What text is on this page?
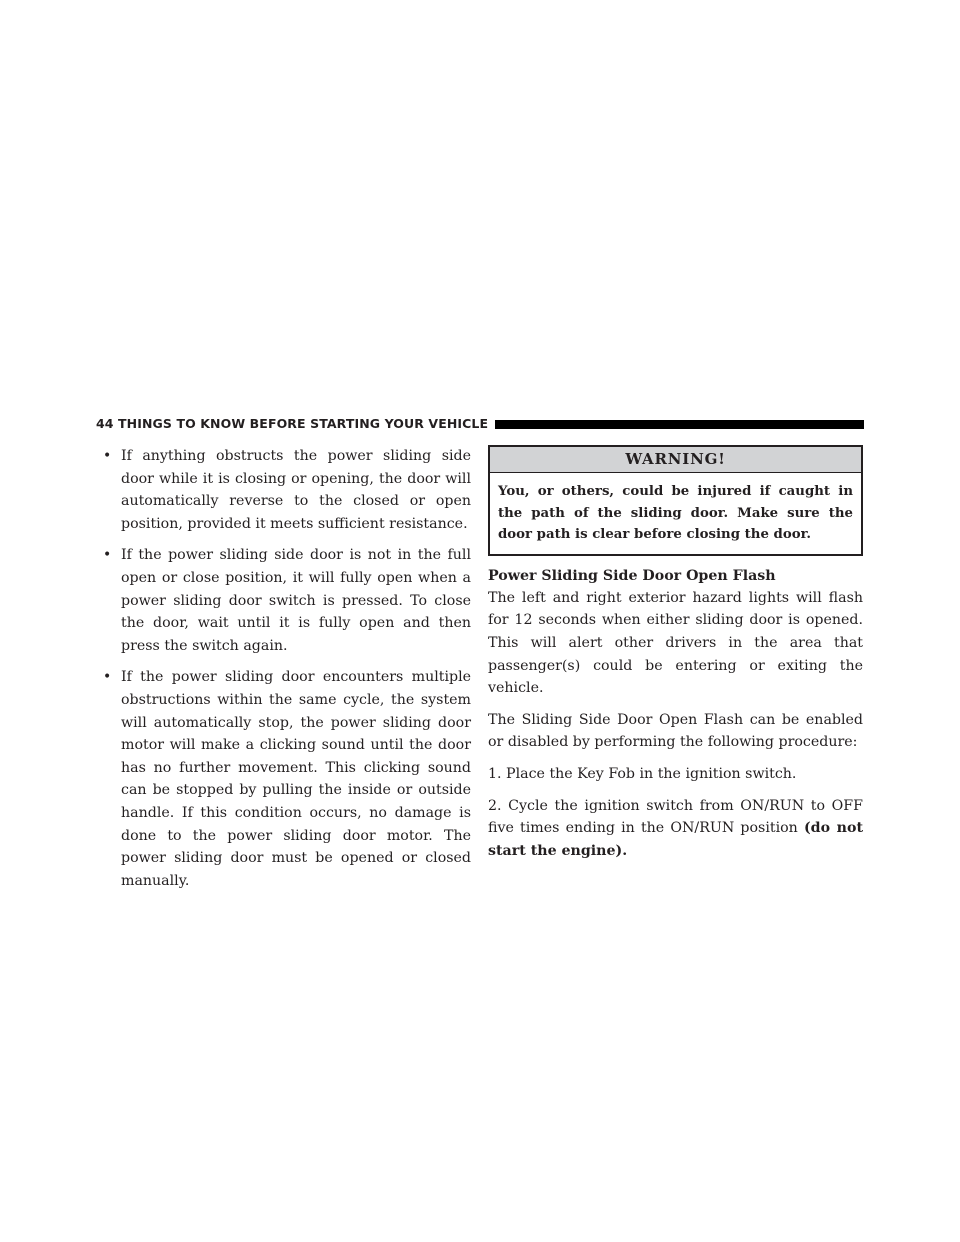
44 THINGS TO KNOW BEFORE STARTING YOUR VEHICLE
• If anything obstructs the power sliding side door while it is closing or opening, the door will automatically reverse to the closed or open position, provided it meets sufficient resistance.
• If the power sliding side door is not in the full open or close position, it will fully open when a power sliding door switch is pressed. To close the door, wait until it is fully open and then press the switch again.
• If the power sliding door encounters multiple obstructions within the same cycle, the system will automatically stop, the power sliding door motor will make a clicking sound until the door has no further movement. This clicking sound can be stopped by pulling the inside or outside handle. If this condition occurs, no damage is done to the power sliding door motor. The power sliding door must be opened or closed manually.
WARNING!
You, or others, could be injured if caught in the path of the sliding door. Make sure the door path is clear before closing the door.
Power Sliding Side Door Open Flash

The left and right exterior hazard lights will flash for 12 seconds when either sliding door is opened. This will alert other drivers in the area that passenger(s) could be entering or exiting the vehicle.

The Sliding Side Door Open Flash can be enabled or disabled by performing the following procedure:

1. Place the Key Fob in the ignition switch.

2. Cycle the ignition switch from ON/RUN to OFF five times ending in the ON/RUN position (do not start the engine).
